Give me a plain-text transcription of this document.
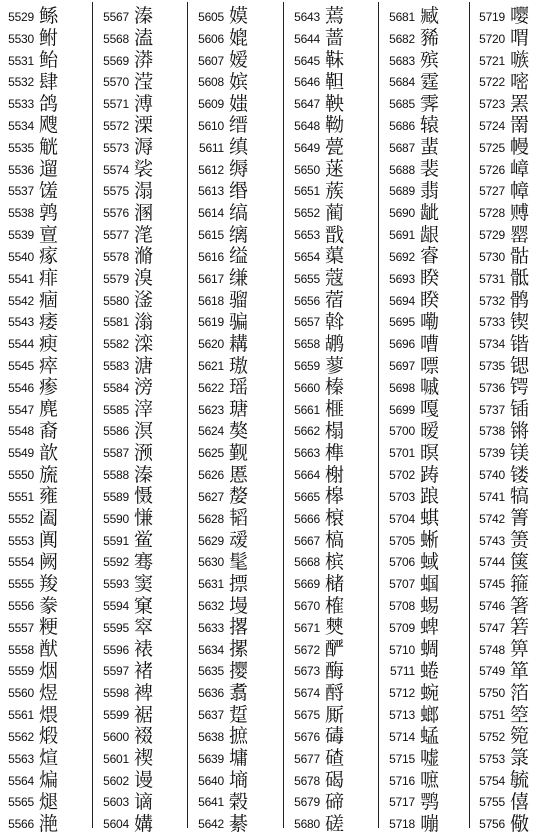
5529 鲧
5530 鲋
5531 鲐
5532 肆
5533 鸽
5534 飕
5535 觥
5536 遛
5537 馐
5538 鹑
5539 亶
5540 瘃
5541 痱
5542 痼
5543 痿
5544 瘐
5545 瘁
5546 瘆
5547 麂
5548 裔
5549 歆
5550 旒
5551 雍
5552 阖
5553 阗
5554 阙
5555 羧
5556 豢
5557 粳
5558 猷
5559 烟
5560 煜
5561 煨
5562 煅
5563 煊
5564 煸
5565 煺
5566 滟
5567 溱
5568 溘
5569 漭
5570 滢
5571 溥
5572 溧
5573 溽
5574 裟
5575 溻
5576 溷
5577 滗
5578 滫
5579 溴
5580 滏
5581 滃
5582 滦
5583 溏
5584 滂
5585 滓
5586 溟
5587 滪
5588 溱
5589 慑
5590 慊
5591 鲎
5592 骞
5593 窦
5594 窠
5595 窣
5596 裱
5597 褚
5598 裨
5599 裾
5600 裰
5601 禊
5602 谩
5603 谪
5604 媾
5605 嫫
5606 媲
5607 嫒
5608 嫔
5609 媸
5610 缙
5611 缜
5612 缛
5613 缗
5614 缟
5615 缡
5616 缢
5617 缣
5618 骝
5619 骗
5620 耩
5621 璈
5622 瑶
5623 瑭
5624 獒
5625 觐
5626 慝
5627 嫠
5628 韬
5629 叆
5630 髦
5631 摽
5632 墁
5633 撂
5634 摞
5635 撄
5636 翥
5637 踅
5638 摭
5639 墉
5640 墒
5641 榖
5642 綦
5643 蔫
5644 蔷
5645 靺
5646 靼
5647 鞅
5648 靿
5649 甍
5650 蒾
5651 蔟
5652 蔺
5653 戬
5654 蕖
5655 蔻
5656 蓿
5657 斡
5658 鹕
5659 蓼
5660 榛
5661 榧
5662 榻
5663 榫
5664 榭
5665 槔
5666 榱
5667 槁
5668 槟
5669 槠
5670 榷
5671 僰
5672 酽
5673 酶
5674 酹
5675 厮
5676 碡
5677 碴
5678 碣
5679 碲
5680 磋
5681 臧
5682 豨
5683 殡
5684 霆
5685 霁
5686 辕
5687 蜚
5688 裴
5689 翡
5690 龇
5691 龈
5692 睿
5693 睽
5694 睽
5695 嘞
5696 嘈
5697 嘌
5698 嘁
5699 嘎
5700 暧
5701 暝
5702 踌
5703 踉
5704 蜞
5705 蜥
5706 蜮
5707 蝈
5708 蜴
5709 蜱
5710 蜩
5711 蜷
5712 蜿
5713 螂
5714 蜢
5715 嘘
5716 嗻
5717 鹗
5718 嘣
5719 嘤
5720 喟
5721 嗾
5722 嘧
5723 罴
5724 罱
5725 幔
5726 嶂
5727 幛
5728 赙
5729 罂
5730 骷
5731 骶
5732 鹘
5733 锲
5734 锴
5735 锶
5736 锷
5737 锸
5738 锵
5739 镁
5740 镂
5741 犒
5742 箐
5743 箦
5744 箧
5745 箍
5746 箸
5747 箬
5748 箅
5749 箪
5750 箔
5751 箜
5752 箢
5753 箓
5754 毓
5755 僖
5756 儆
